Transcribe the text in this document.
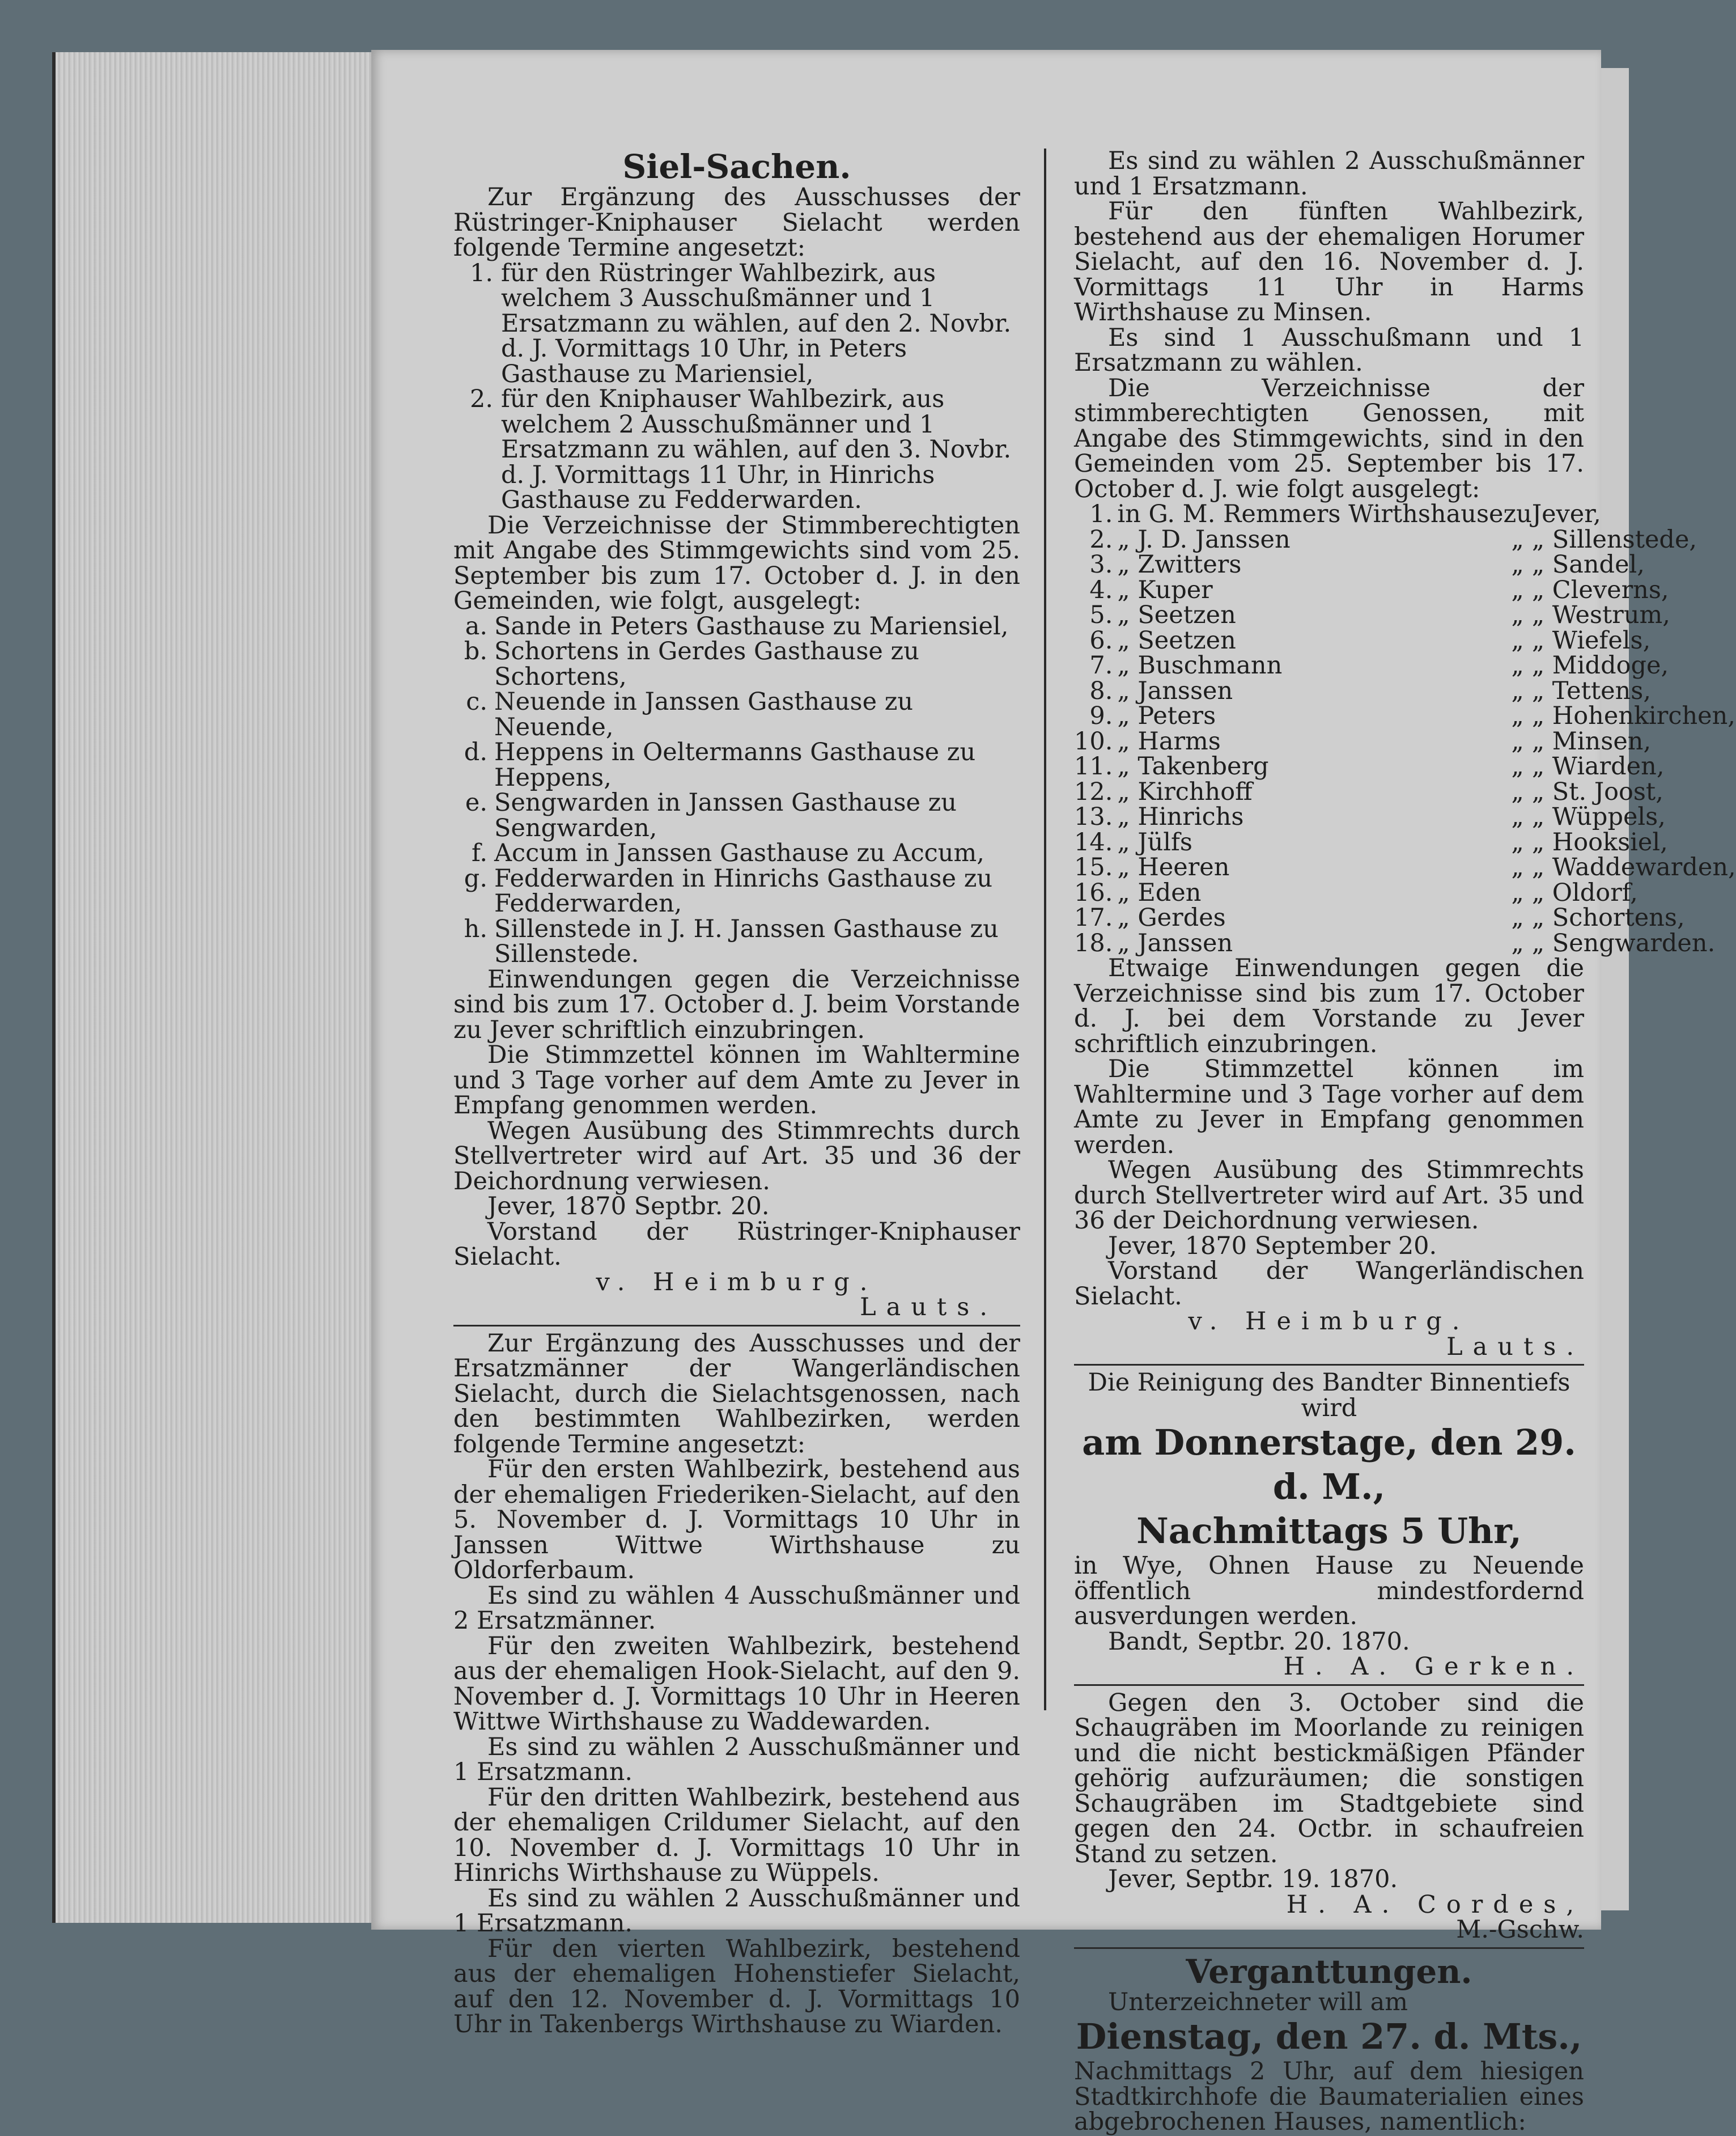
Siel-Sachen.

Zur Ergänzung des Ausschusses der Rüstringer-Kniphauser Sielacht werden folgende Termine angesetzt:

1. für den Rüstringer Wahlbezirk, aus welchem 3 Ausschußmänner und 1 Ersatzmann zu wählen, auf den 2. Novbr. d. J. Vormittags 10 Uhr, in Peters Gasthause zu Mariensiel,
2. für den Kniphauser Wahlbezirk, aus welchem 2 Ausschußmänner und 1 Ersatzmann zu wählen, auf den 3. Novbr. d. J. Vormittags 11 Uhr, in Hinrichs Gasthause zu Fedderwarden.

Die Verzeichnisse der Stimmberechtigten mit Angabe des Stimmgewichts sind vom 25. September bis zum 17. October d. J. in den Gemeinden, wie folgt, ausgelegt:

a. Sande in Peters Gasthause zu Mariensiel,
b. Schortens in Gerdes Gasthause zu Schortens,
c. Neuende in Janssen Gasthause zu Neuende,
d. Heppens in Oeltermanns Gasthause zu Heppens,
e. Sengwarden in Janssen Gasthause zu Sengwarden,
f. Accum in Janssen Gasthause zu Accum,
g. Fedderwarden in Hinrichs Gasthause zu Fedderwarden,
h. Sillenstede in J. H. Janssen Gasthause zu Sillenstede.

Einwendungen gegen die Verzeichnisse sind bis zum 17. October d. J. beim Vorstande zu Jever schriftlich einzubringen.

Die Stimmzettel können im Wahltermine und 3 Tage vorher auf dem Amte zu Jever in Empfang genommen werden.

Wegen Ausübung des Stimmrechts durch Stellvertreter wird auf Art. 35 und 36 der Deichordnung verwiesen.

Jever, 1870 Septbr. 20.

Vorstand der Rüstringer-Kniphauser Sielacht.

v. Heimburg.

Lauts.

Zur Ergänzung des Ausschusses und der Ersatzmänner der Wangerländischen Sielacht, durch die Sielachtsgenossen, nach den bestimmten Wahlbezirken, werden folgende Termine angesetzt:

Für den ersten Wahlbezirk, bestehend aus der ehemaligen Friederiken-Sielacht, auf den 5. November d. J. Vormittags 10 Uhr in Janssen Wittwe Wirthshause zu Oldorferbaum.

Es sind zu wählen 4 Ausschußmänner und 2 Ersatzmänner.

Für den zweiten Wahlbezirk, bestehend aus der ehemaligen Hook-Sielacht, auf den 9. November d. J. Vormittags 10 Uhr in Heeren Wittwe Wirthshause zu Waddewarden.

Es sind zu wählen 2 Ausschußmänner und 1 Ersatzmann.

Für den dritten Wahlbezirk, bestehend aus der ehemaligen Crildumer Sielacht, auf den 10. November d. J. Vormittags 10 Uhr in Hinrichs Wirthshause zu Wüppels.

Es sind zu wählen 2 Ausschußmänner und 1 Ersatzmann.

Für den vierten Wahlbezirk, bestehend aus der ehemaligen Hohenstiefer Sielacht, auf den 12. November d. J. Vormittags 10 Uhr in Takenbergs Wirthshause zu Wiarden.

Es sind zu wählen 2 Ausschußmänner und 1 Ersatzmann.

Für den fünften Wahlbezirk, bestehend aus der ehemaligen Horumer Sielacht, auf den 16. November d. J. Vormittags 11 Uhr in Harms Wirthshause zu Minsen.

Es sind 1 Ausschußmann und 1 Ersatzmann zu wählen.

Die Verzeichnisse der stimmberechtigten Genossen, mit Angabe des Stimmgewichts, sind in den Gemeinden vom 25. September bis 17. October d. J. wie folgt ausgelegt:

1.	in G. M. Remmers Wirthshause	zu	Jever,
2.	„ J. D. Janssen	„	„ Sillenstede,
3.	„ Zwitters	„	„ Sandel,
4.	„ Kuper	„	„ Cleverns,
5.	„ Seetzen	„	„ Westrum,
6.	„ Seetzen	„	„ Wiefels,
7.	„ Buschmann	„	„ Middoge,
8.	„ Janssen	„	„ Tettens,
9.	„ Peters	„	„ Hohenkirchen,
10.	„ Harms	„	„ Minsen,
11.	„ Takenberg	„	„ Wiarden,
12.	„ Kirchhoff	„	„ St. Joost,
13.	„ Hinrichs	„	„ Wüppels,
14.	„ Jülfs	„	„ Hooksiel,
15.	„ Heeren	„	„ Waddewarden,
16.	„ Eden	„	„ Oldorf,
17.	„ Gerdes	„	„ Schortens,
18.	„ Janssen	„	„ Sengwarden.

Etwaige Einwendungen gegen die Verzeichnisse sind bis zum 17. October d. J. bei dem Vorstande zu Jever schriftlich einzubringen.

Die Stimmzettel können im Wahltermine und 3 Tage vorher auf dem Amte zu Jever in Empfang genommen werden.

Wegen Ausübung des Stimmrechts durch Stellvertreter wird auf Art. 35 und 36 der Deichordnung verwiesen.

Jever, 1870 September 20.

Vorstand der Wangerländischen Sielacht.

v. Heimburg.

Lauts.

Die Reinigung des Bandter Binnentiefs wird

am Donnerstage, den 29. d. M.,
Nachmittags 5 Uhr,

in Wye, Ohnen Hause zu Neuende öffentlich mindestfordernd ausverdungen werden.

Bandt, Septbr. 20. 1870.

H. A. Gerken.

Gegen den 3. October sind die Schaugräben im Moorlande zu reinigen und die nicht bestickmäßigen Pfänder gehörig aufzuräumen; die sonstigen Schaugräben im Stadtgebiete sind gegen den 24. Octbr. in schaufreien Stand zu setzen.

Jever, Septbr. 19. 1870.

H. A. Cordes,

M.-Gschw.

Verganttungen.

Unterzeichneter will am

Dienstag, den 27. d. Mts.,

Nachmittags 2 Uhr, auf dem hiesigen Stadtkirchhofe die Baumaterialien eines abgebrochenen Hauses, namentlich:
